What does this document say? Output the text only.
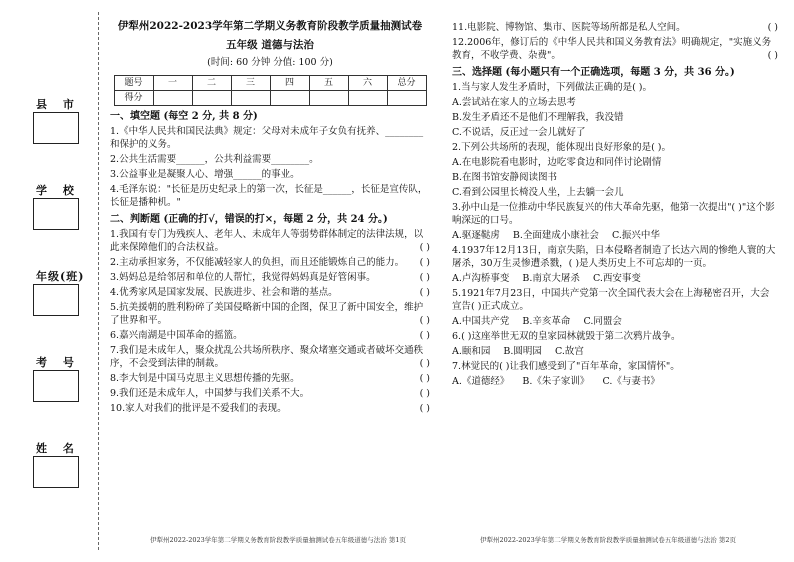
县 市
学 校
年级(班)
考 号
姓 名
伊犁州2022-2023学年第二学期义务教育阶段教学质量抽测试卷
五年级 道德与法治
(时间: 60 分钟 分值: 100 分)
题号	一	二	三	四	五	六	总分
得分							
一、填空题 (每空 2 分, 共 8 分)
1.《中华人民共和国民法典》规定：父母对未成年子女负有抚养、________和保护的义务。
2.公共生活需要______，公共利益需要________。
3.公益事业是凝聚人心、增强______的事业。
4.毛泽东说："长征是历史纪录上的第一次，长征是______，长征是宣传队，长征是播种机。"
二、判断题 (正确的打√，错误的打×，每题 2 分，共 24 分。)
1.我国有专门为残疾人、老年人、未成年人等弱势群体制定的法律法规，以此来保障他们的合法权益。	( )
2.主动承担家务，不仅能减轻家人的负担，而且还能锻炼自己的能力。 ( )
3.妈妈总是给邻居和单位的人帮忙，我觉得妈妈真是好管闲事。	( )
4.优秀家风是国家发展、民族进步、社会和谐的基点。	( )
5.抗美援朝的胜利粉碎了美国侵略新中国的企图，保卫了新中国安全，维护了世界和平。	( )
6.嘉兴南湖是中国革命的摇篮。	( )
7.我们是未成年人，聚众扰乱公共场所秩序、聚众堵塞交通或者破坏交通秩序，不会受到法律的制裁。	( )
8.李大钊是中国马克思主义思想传播的先驱。	( )
9.我们还是未成年人，中国梦与我们关系不大。	( )
10.家人对我们的批评是不爱我们的表现。	( )
11.电影院、博物馆、集市、医院等场所都是私人空间。	( )
12.2006年，修订后的《中华人民共和国义务教育法》明确规定，"实施义务教育，不收学费、杂费"。	( )
三、选择题 (每小题只有一个正确选项，每题 3 分，共 36 分。)
1.当与家人发生矛盾时，下列做法正确的是( )。
A.尝试站在家人的立场去思考
B.发生矛盾还不是他们不理解我，我没错
C.不说话，反正过一会儿就好了
2.下列公共场所的表现，能体现出良好形象的是( )。
A.在电影院看电影时，边吃零食边和同伴讨论剧情
B.在图书馆安静阅读图书
C.看到公园里长椅没人坐，上去躺一会儿
3.孙中山是一位推动中华民族复兴的伟大革命先驱，他第一次提出"( )"这个影响深远的口号。
A.驱逐鞑虏 B.全面建成小康社会 C.振兴中华
4.1937年12月13日，南京失陷，日本侵略者制造了长达六周的惨绝人寰的大屠杀，30万生灵惨遭杀戮，( )是人类历史上不可忘却的一页。
A.卢沟桥事变 B.南京大屠杀 C.西安事变
5.1921年7月23日，中国共产党第一次全国代表大会在上海秘密召开，大会宣告( )正式成立。
A.中国共产党 B.辛亥革命 C.同盟会
6.( )这座举世无双的皇家园林就毁于第二次鸦片战争。
A.颐和园 B.圆明园 C.故宫
7.林觉民的( )让我们感受到了"百年革命，家国情怀"。
A.《道德经》 B.《朱子家训》 C.《与妻书》
伊犁州2022-2023学年第二学期义务教育阶段教学质量抽测试卷五年级道德与法治 第1页	伊犁州2022-2023学年第二学期义务教育阶段教学质量抽测试卷五年级道德与法治 第2页
